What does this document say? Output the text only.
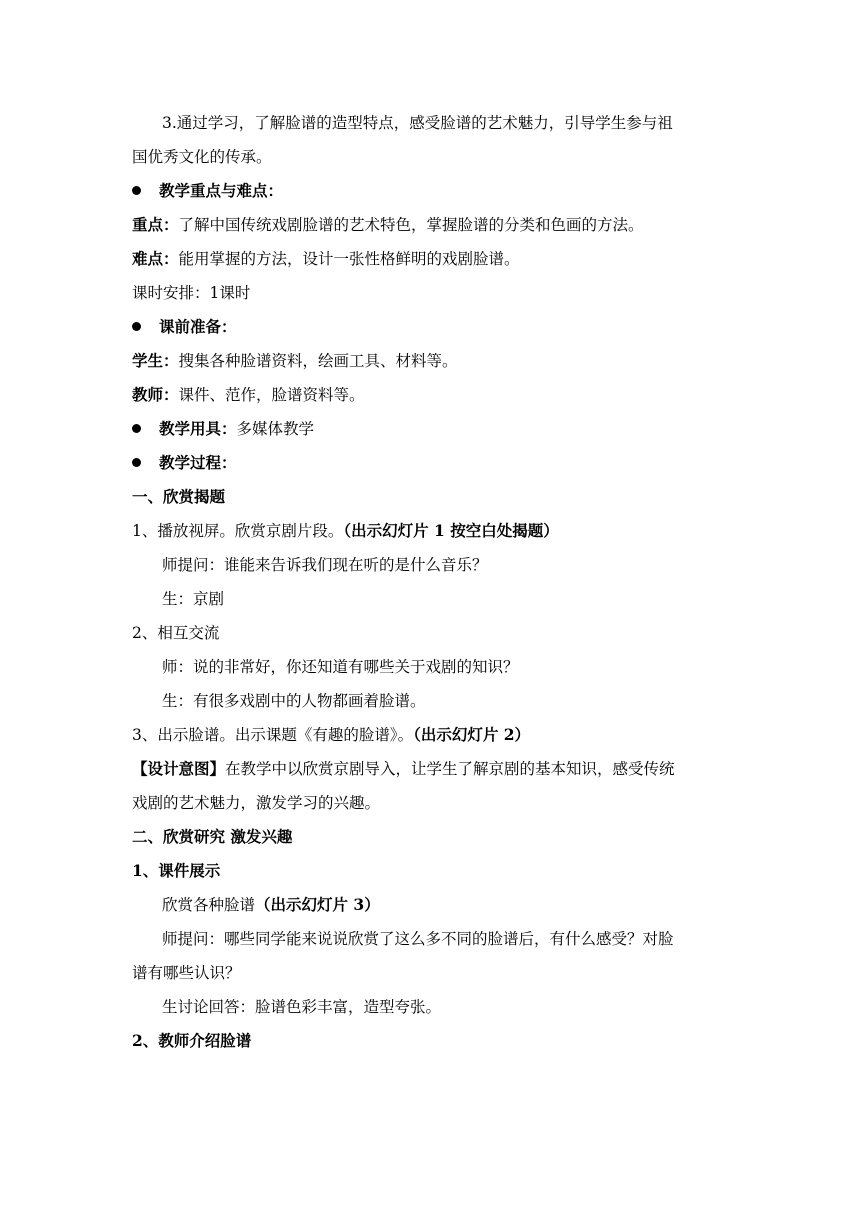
3.通过学习，了解脸谱的造型特点，感受脸谱的艺术魅力，引导学生参与祖
国优秀文化的传承。
教学重点与难点：
重点：了解中国传统戏剧脸谱的艺术特色，掌握脸谱的分类和色画的方法。
难点：能用掌握的方法，设计一张性格鲜明的戏剧脸谱。
课时安排：1课时
课前准备：
学生：搜集各种脸谱资料，绘画工具、材料等。
教师：课件、范作，脸谱资料等。
教学用具：多媒体教学
教学过程：
一、欣赏揭题
1、播放视屏。欣赏京剧片段。（出示幻灯片 1 按空白处揭题）
师提问：谁能来告诉我们现在听的是什么音乐？
生：京剧
2、相互交流
师：说的非常好，你还知道有哪些关于戏剧的知识？
生：有很多戏剧中的人物都画着脸谱。
3、出示脸谱。出示课题《有趣的脸谱》。（出示幻灯片 2）
【设计意图】在教学中以欣赏京剧导入，让学生了解京剧的基本知识，感受传统
戏剧的艺术魅力，激发学习的兴趣。
二、欣赏研究 激发兴趣
1、课件展示
欣赏各种脸谱（出示幻灯片 3）
师提问：哪些同学能来说说欣赏了这么多不同的脸谱后，有什么感受？对脸
谱有哪些认识？
生讨论回答：脸谱色彩丰富，造型夸张。
2、教师介绍脸谱
